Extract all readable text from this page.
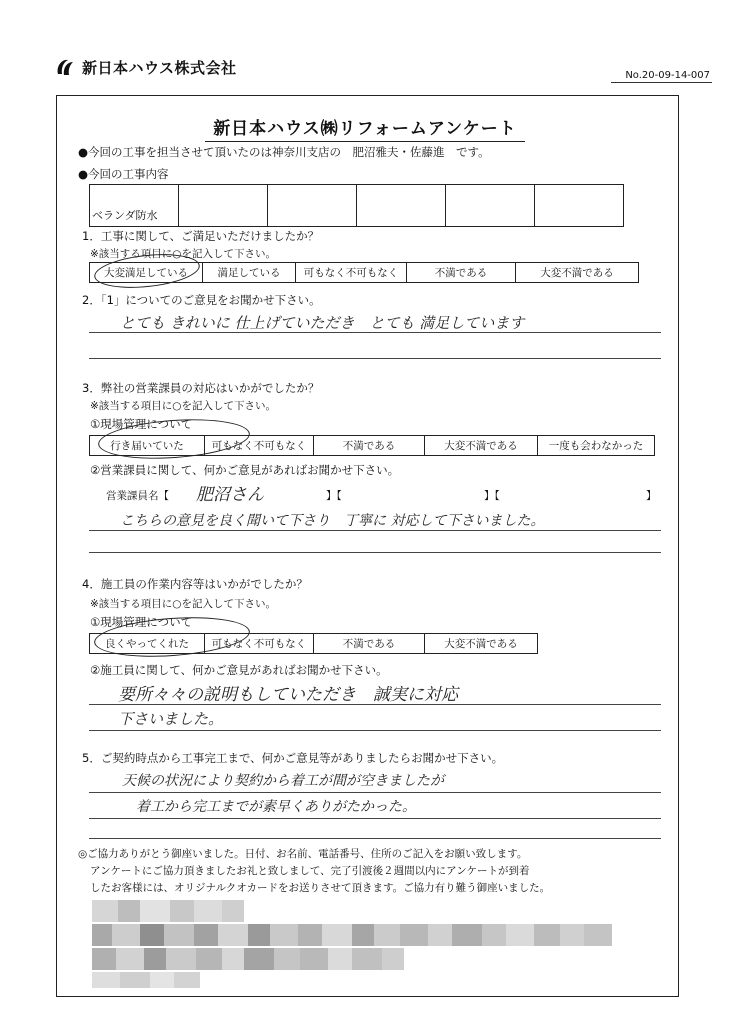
新日本ハウス株式会社	No.20-09-14-007
新日本ハウス㈱リフォームアンケート
●今回の工事を担当させて頂いたのは神奈川支店の　肥沼雅夫・佐藤進　です。
●今回の工事内容
ベランダ防水					
1．工事に関して、ご満足いただけましたか？
※該当する項目に○を記入して下さい。
大変満足している	満足している	可もなく不可もなく	不満である	大変不満である
2．「1」についてのご意見をお聞かせ下さい。
とても きれいに 仕上げていただき　とても 満足しています
3．弊社の営業課員の対応はいかがでしたか？
※該当する項目に○を記入して下さい。
①現場管理について
行き届いていた	可もなく不可もなく	不満である	大変不満である	一度も会わなかった
②営業課員に関して、何かご意見があればお聞かせ下さい。
営業課員名【 肥沼さん	】【	】【	】
こちらの意見を良く聞いて下さり　丁寧に 対応して下さいました。
4．施工員の作業内容等はいかがでしたか？
※該当する項目に○を記入して下さい。
①現場管理について
良くやってくれた	可もなく不可もなく	不満である	大変不満である
②施工員に関して、何かご意見があればお聞かせ下さい。
要所々々の説明もしていただき　誠実に対応
下さいました。
5．ご契約時点から工事完工まで、何かご意見等がありましたらお聞かせ下さい。
天候の状況により契約から着工が間が空きましたが
着工から完工までが素早くありがたかった。
◎ご協力ありがとう御座いました。日付、お名前、電話番号、住所のご記入をお願い致します。
アンケートにご協力頂きましたお礼と致しまして、完了引渡後２週間以内にアンケートが到着
したお客様には、オリジナルクオカードをお送りさせて頂きます。ご協力有り難う御座いました。
